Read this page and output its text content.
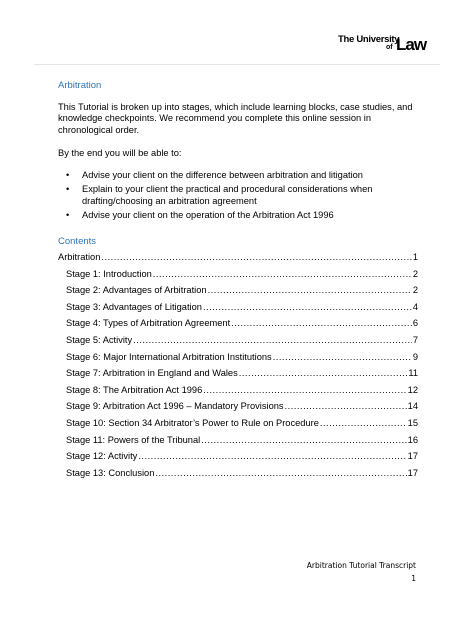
The University
of Law
Arbitration
This Tutorial is broken up into stages, which include learning blocks, case studies, and knowledge checkpoints. We recommend you complete this online session in chronological order.
By the end you will be able to:
• Advise your client on the difference between arbitration and litigation
• Explain to your client the practical and procedural considerations when drafting/choosing an arbitration agreement
• Advise your client on the operation of the Arbitration Act 1996
Contents
Arbitration .....	1
Stage 1: Introduction .....	2
Stage 2: Advantages of Arbitration .....	2
Stage 3: Advantages of Litigation .....	4
Stage 4: Types of Arbitration Agreement .....	6
Stage 5: Activity .....	7
Stage 6: Major International Arbitration Institutions .....	9
Stage 7: Arbitration in England and Wales .....	11
Stage 8: The Arbitration Act 1996 .....	12
Stage 9: Arbitration Act 1996 – Mandatory Provisions .....	14
Stage 10: Section 34 Arbitrator’s Power to Rule on Procedure .....	15
Stage 11: Powers of the Tribunal .....	16
Stage 12: Activity .....	17
Stage 13: Conclusion .....	17
Arbitration Tutorial Transcript
1
